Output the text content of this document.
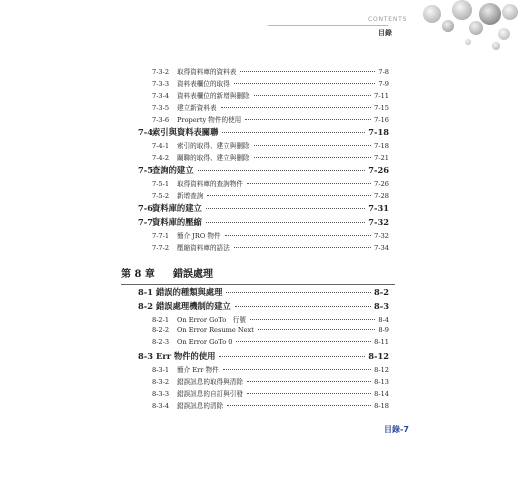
CONTENTS
目錄
7-3-2	取得資料庫的資料表	7-8
7-3-3	資料表欄位的取得	7-9
7-3-4	資料表欄位的新增與刪除	7-11
7-3-5	建立新資料表	7-15
7-3-6	Property 物件的使用	7-16
7-4 索引與資料表關聯	7-18
7-4-1	索引的取得、建立與刪除	7-18
7-4-2	關聯的取得、建立與刪除	7-21
7-5 查詢的建立	7-26
7-5-1	取得資料庫的查詢物件	7-26
7-5-2	新增查詢	7-28
7-6 資料庫的建立	7-31
7-7 資料庫的壓縮	7-32
7-7-1	簡介 JRO 物件	7-32
7-7-2	壓縮資料庫的語法	7-34
第 8 章	錯誤處理
8-1 錯誤的種類與處理	8-2
8-2 錯誤處理機制的建立	8-3
8-2-1	On Error GoTo　行號	8-4
8-2-2	On Error Resume Next	8-9
8-2-3	On Error GoTo 0	8-11
8-3 Err 物件的使用	8-12
8-3-1	簡介 Err 物件	8-12
8-3-2	錯誤訊息的取得與清除	8-13
8-3-3	錯誤訊息的自訂與引發	8-14
8-3-4	錯誤訊息的清除	8-18
目錄-7
